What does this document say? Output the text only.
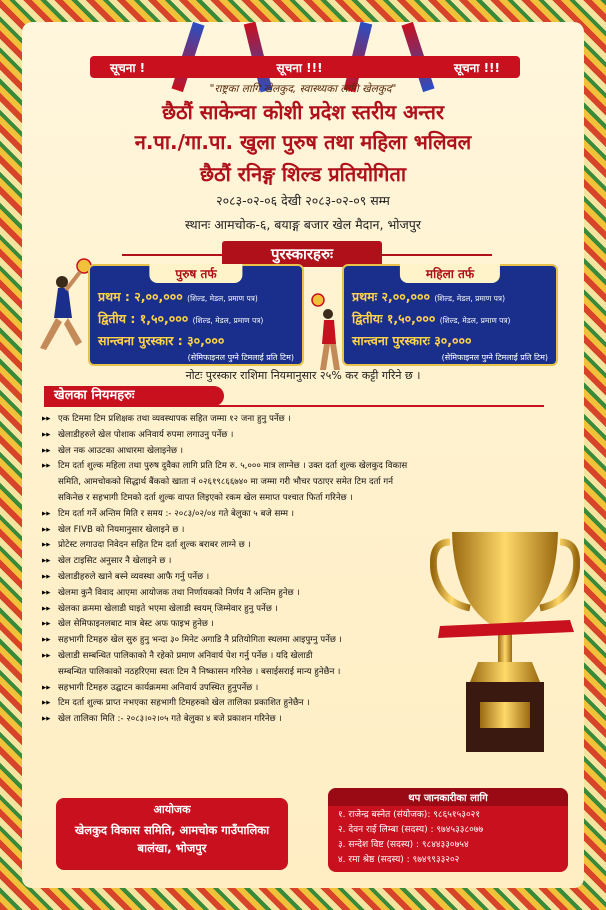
सूचना !	सूचना !!!	सूचना !!!
"राष्ट्रका लागि खेलकुद, स्वास्थ्यका लागि खेलकुद"
छैठौं साकेन्वा कोशी प्रदेश स्तरीय अन्तर
न.पा./गा.पा. खुला पुरुष तथा महिला भलिवल
छैठौं रनिङ्ग शिल्ड प्रतियोगिता
२०८३-०२-०६ देखी २०८३-०२-०९ सम्म
स्थानः आमचोक-६, बयाङ्ग बजार खेल मैदान, भोजपुर
पुरस्कारहरुः
पुरुष तर्फ
प्रथम : २,००,००० (शिल्ड, मेडल, प्रमाण पत्र)
द्वितीय : १,५०,००० (शिल्ड, मेडल, प्रमाण पत्र)
सान्त्वना पुरस्कार : ३०,०००
(सेमिफाइनल पुग्ने टिमलाई प्रति टिम)
महिला तर्फ
प्रथमः २,००,००० (शिल्ड, मेडल, प्रमाण पत्र)
द्वितीयः १,५०,००० (शिल्ड, मेडल, प्रमाण पत्र)
सान्त्वना पुरस्कारः ३०,०००
(सेमिफाइनल पुग्ने टिमलाई प्रति टिम)
नोटः पुरस्कार राशिमा नियमानुसार २५% कर कट्टी गरिने छ ।
खेलका नियमहरुः
▶▶ एक टिममा टिम प्रशिक्षक तथा व्यवस्थापक सहित जम्मा १२ जना हुनु पर्नेछ ।
▶▶ खेलाडीहरुले खेल पोशाक अनिवार्य रुपमा लगाउनु पर्नेछ ।
▶▶ खेल नक आउटका आधारमा खेलाइनेछ ।
▶▶ टिम दर्ता शुल्क महिला तथा पुरुष दुवैका लागि प्रति टिम रु. ५,००० मात्र लाग्नेछ । उक्त दर्ता शुल्क खेलकुद विकास
समिति, आमचोकको सिद्धार्थ बैंकको खाता नं ०२६१९८६६७४० मा जम्मा गरी भौचर पठाएर समेत टिम दर्ता गर्न
सकिनेछ र सहभागी टिमको दर्ता शुल्क वापत लिइएको रकम खेल समाप्त पश्चात फिर्ता गरिनेछ ।
▶▶ टिम दर्ता गर्ने अन्तिम मिति र समय :- २०८३/०२/०४ गते बेलुका ५ बजे सम्म ।
▶▶ खेल FIVB को नियमानुसार खेलाइने छ ।
▶▶ प्रोटेस्ट लगाउदा निवेदन सहित टिम दर्ता शुल्क बराबर लाग्ने छ ।
▶▶ खेल टाइसिट अनुसार नै खेलाइने छ ।
▶▶ खेलाडीहरुले खाने बस्ने व्यवस्था आफै गर्नु पर्नेछ ।
▶▶ खेलमा कुनै विवाद आएमा आयोजक तथा निर्णायकको निर्णय नै अन्तिम हुनेछ ।
▶▶ खेलका क्रममा खेलाडी घाइते भएमा खेलाडी स्वयम् जिम्मेवार हुनु पर्नेछ ।
▶▶ खेल सेमिफाइनलबाट मात्र बेस्ट अफ फाइभ हुनेछ ।
▶▶ सहभागी टिमहरु खेल सुरु हुनु भन्दा ३० मिनेट अगाडि नै प्रतियोगिता स्थलमा आइपुग्नु पर्नेछ ।
▶▶ खेलाडी सम्बन्धित पालिकाको नै रहेको प्रमाण अनिवार्य पेश गर्नु पर्नेछ । यदि खेलाडी
सम्बन्धित पालिकाको नठहरिएमा स्वतः टिम नै निष्कासन गरिनेछ । बसाईसराई मान्य हुनेछैन ।
▶▶ सहभागी टिमहरु उद्घाटन कार्यक्रममा अनिवार्य उपस्थित हुनुपर्नेछ ।
▶▶ टिम दर्ता शुल्क प्राप्त नभएका सहभागी टिमहरुको खेल तालिका प्रकाशित हुनेछैन ।
▶▶ खेल तालिका मिति :- २०८३।०२।०५ गते बेलुका ४ बजे प्रकाशन गरिनेछ ।
आयोजक
खेलकुद विकास समिति, आमचोक गाउँपालिका
बालंखा, भोजपुर
थप जानकारीका लागि
१. राजेन्द्र बस्नेत (संयोजक): ९८६५१५३०२१
२. देवन राई लिम्बा (सदस्य) : ९७४५३३८०७७
३. सन्देश विष्ट (सदस्य) : ९८४४३३०७५४
४. रमा श्रेष्ठ (सदस्य) : ९७४९९३३२०२
